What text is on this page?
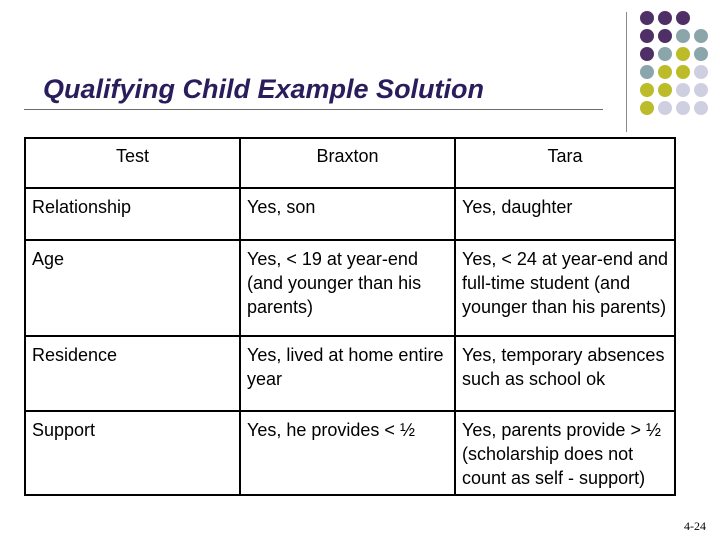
Qualifying Child Example Solution
Test	Braxton	Tara
Relationship	Yes, son	Yes, daughter
Age	Yes, < 19 at year-end (and younger than his parents)	Yes, < 24 at year-end and full-time student (and younger than his parents)
Residence	Yes, lived at home entire year	Yes, temporary absences such as school ok
Support	Yes, he provides < ½	Yes, parents provide > ½ (scholarship does not count as self - support)
4-24
